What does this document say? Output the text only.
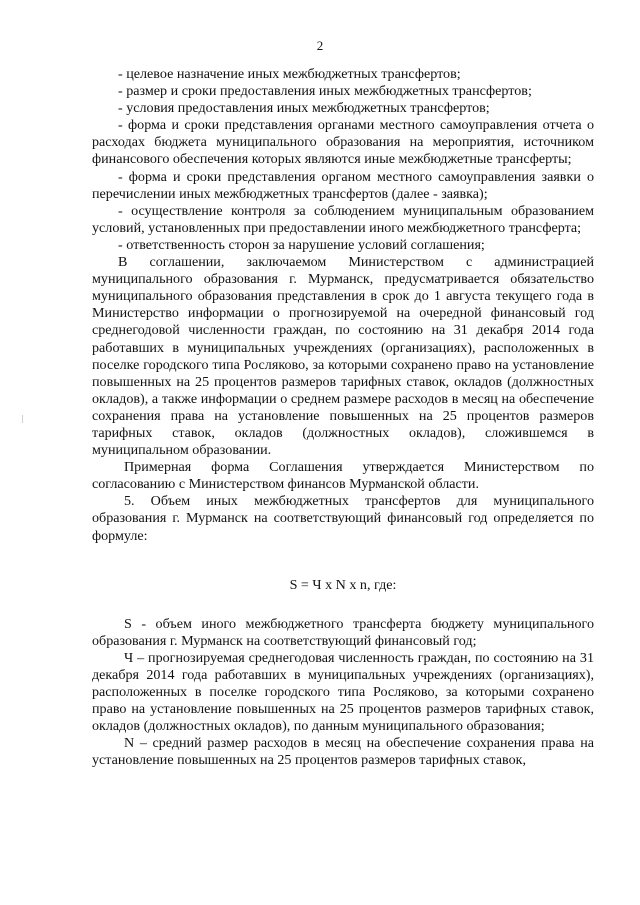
2

- целевое назначение иных межбюджетных трансфертов;

- размер и сроки предоставления иных межбюджетных трансфертов;

- условия предоставления иных межбюджетных трансфертов;

- форма и сроки представления органами местного самоуправления отчета о расходах бюджета муниципального образования на мероприятия, источником финансового обеспечения которых являются иные межбюджетные трансферты;

- форма и сроки представления органом местного самоуправления заявки о перечислении иных межбюджетных трансфертов (далее - заявка);

- осуществление контроля за соблюдением муниципальным образованием условий, установленных при предоставлении иного межбюджетного трансферта;

- ответственность сторон за нарушение условий соглашения;

В соглашении, заключаемом Министерством с администрацией муниципального образования г. Мурманск, предусматривается обязательство муниципального образования представления в срок до 1 августа текущего года в Министерство информации о прогнозируемой на очередной финансовый год среднегодовой численности граждан, по состоянию на 31 декабря 2014 года работавших в муниципальных учреждениях (организациях), расположенных в поселке городского типа Росляково, за которыми сохранено право на установление повышенных на 25 процентов размеров тарифных ставок, окладов (должностных окладов), а также информации о среднем размере расходов в месяц на обеспечение сохранения права на установление повышенных на 25 процентов размеров тарифных ставок, окладов (должностных окладов), сложившемся в муниципальном образовании.

Примерная форма Соглашения утверждается Министерством по согласованию с Министерством финансов Мурманской области.

5. Объем иных межбюджетных трансфертов для муниципального образования г. Мурманск на соответствующий финансовый год определяется по формуле:

S = Ч x N x n, где:

S - объем иного межбюджетного трансферта бюджету муниципального образования г. Мурманск на соответствующий финансовый год;

Ч – прогнозируемая среднегодовая численность граждан, по состоянию на 31 декабря 2014 года работавших в муниципальных учреждениях (организациях), расположенных в поселке городского типа Росляково, за которыми сохранено право на установление повышенных на 25 процентов размеров тарифных ставок, окладов (должностных окладов), по данным муниципального образования;

N – средний размер расходов в месяц на обеспечение сохранения права на установление повышенных на 25 процентов размеров тарифных ставок,
